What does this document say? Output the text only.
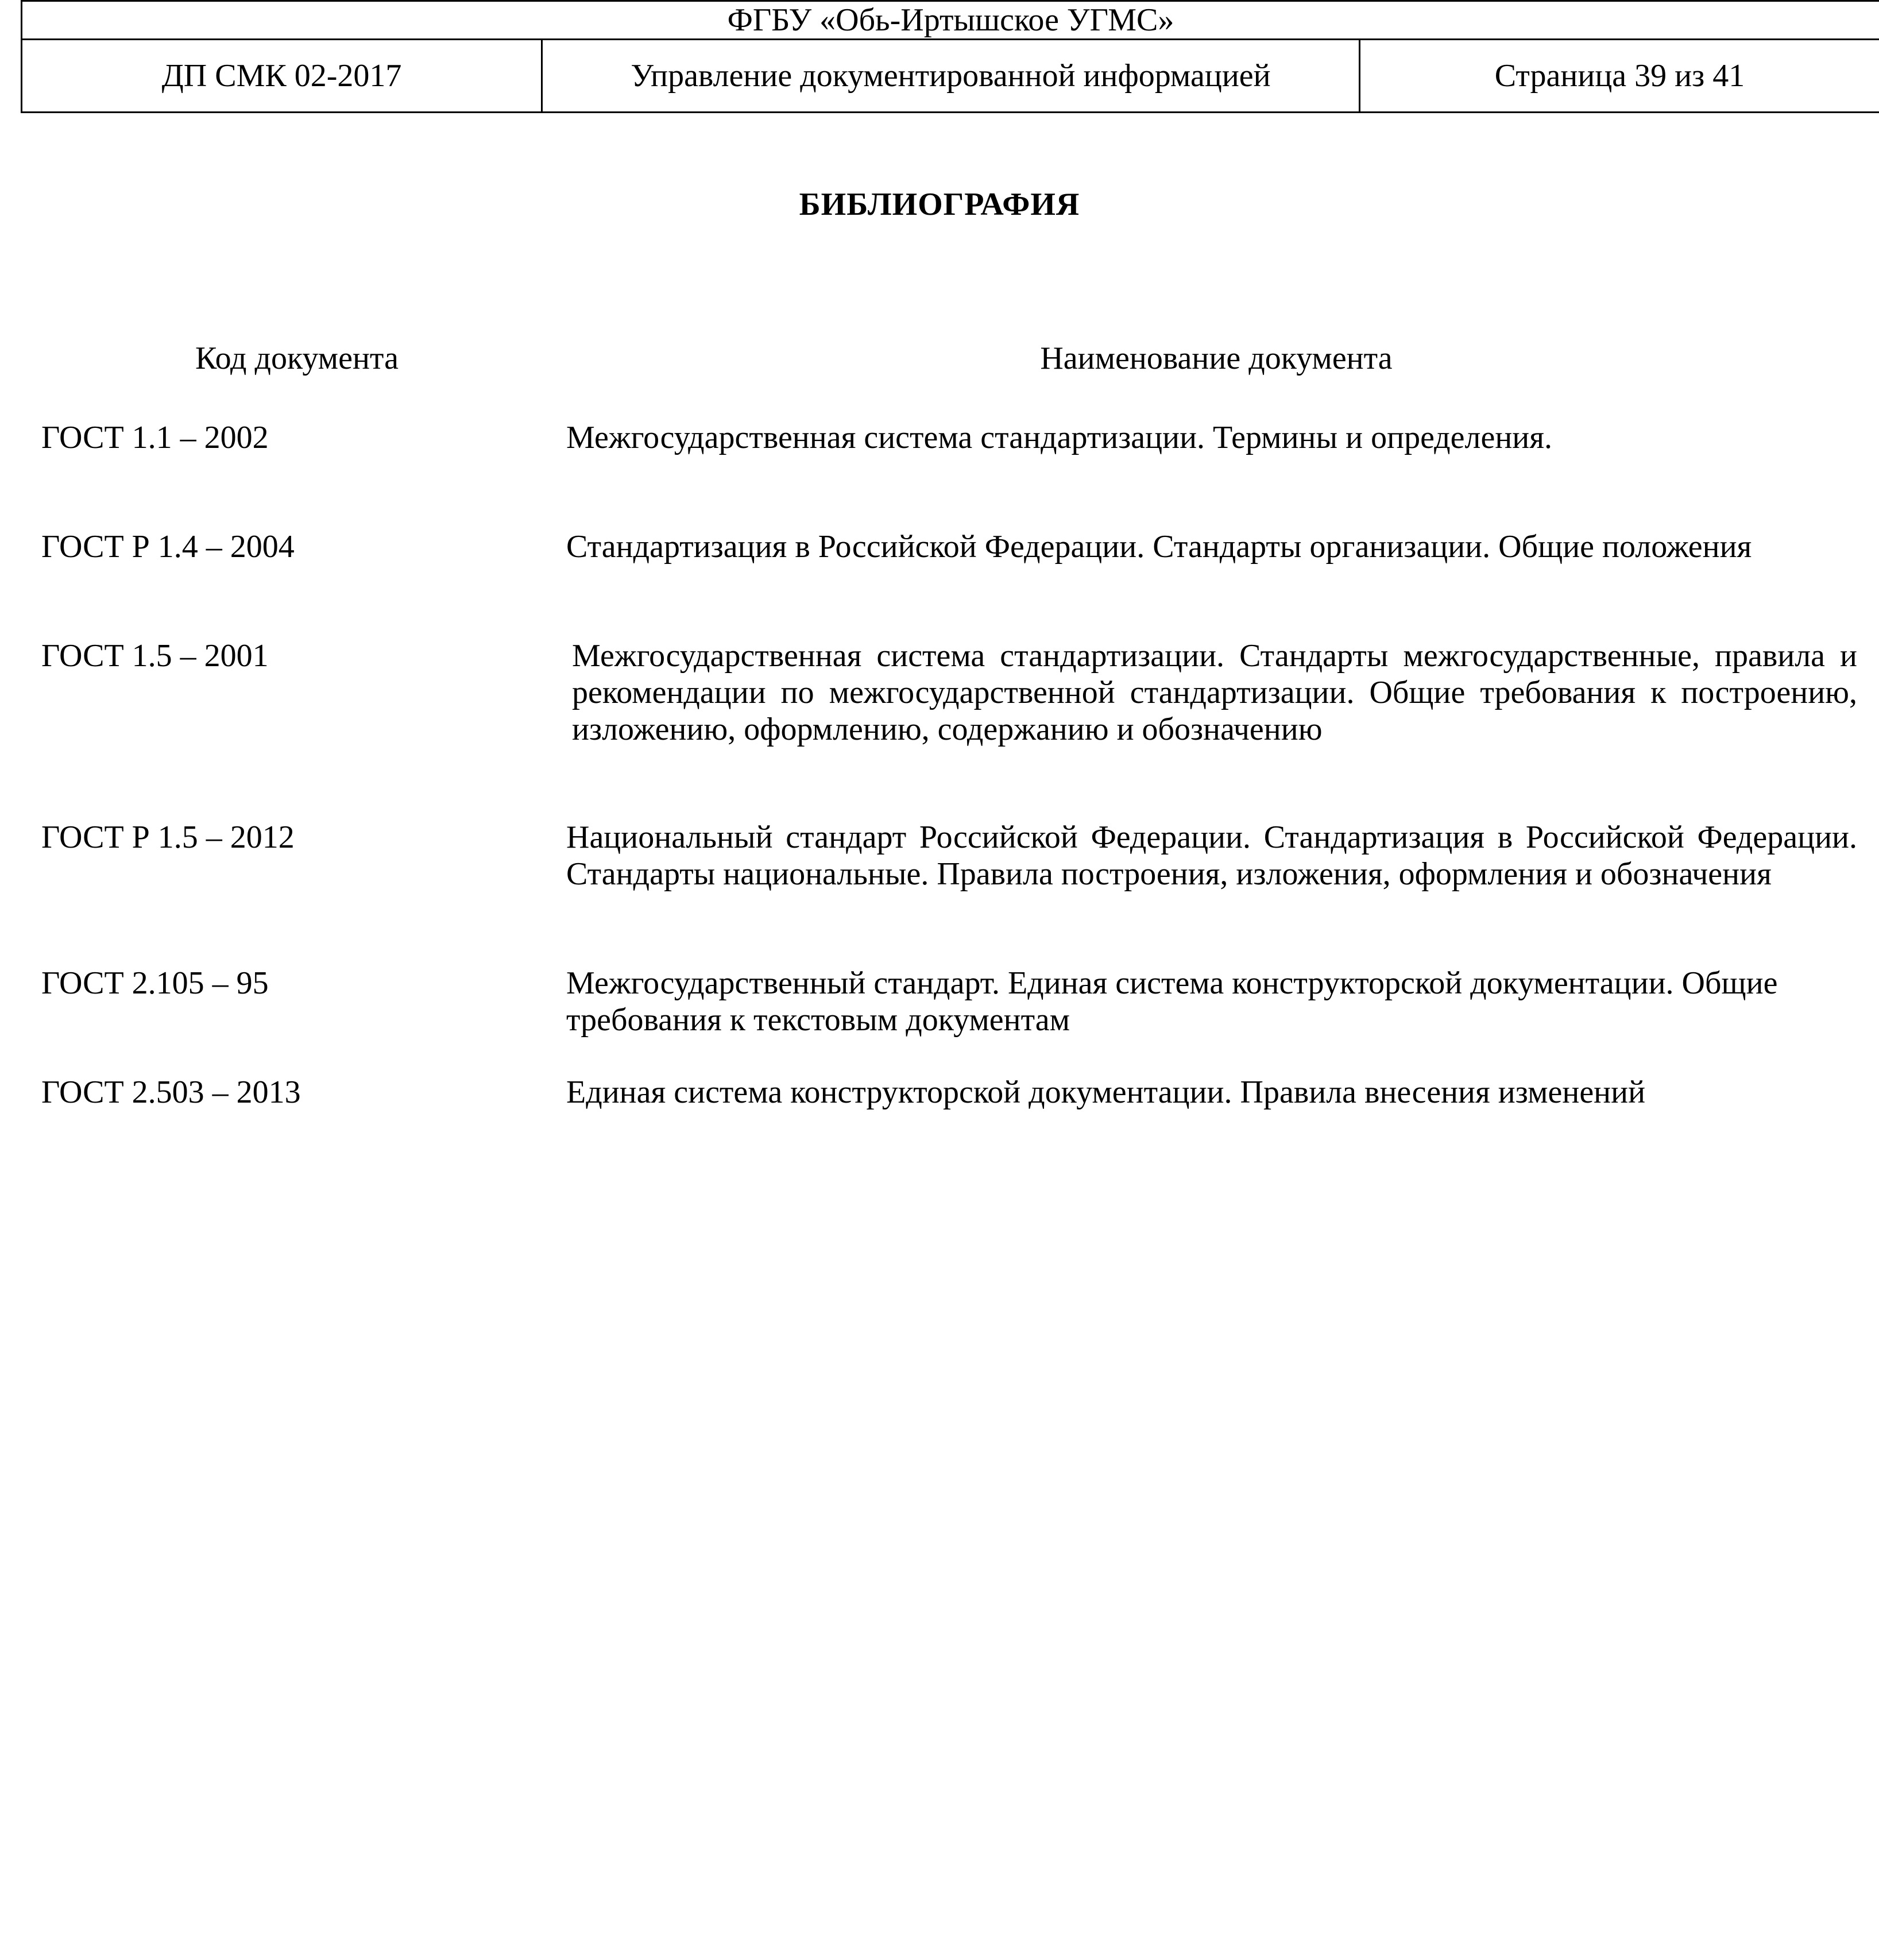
ФГБУ «Обь-Иртышское УГМС»
ДП СМК 02-2017	Управление документированной информацией	Страница 39 из 41
БИБЛИОГРАФИЯ
Код документа	Наименование документа
ГОСТ 1.1 – 2002	Межгосударственная система стандартизации. Термины и определения.
ГОСТ Р 1.4 – 2004	Стандартизация в Российской Федерации. Стандарты организации. Общие положения
ГОСТ 1.5 – 2001	Межгосударственная система стандартизации. Стандарты межгосударственные, правила и рекомендации по межгосударственной стандартизации. Общие требования к построению, изложению, оформлению, содержанию и обозначению
ГОСТ Р 1.5 – 2012	Национальный стандарт Российской Федерации. Стандартизация в Российской Федерации. Стандарты национальные. Правила построения, изложения, оформления и обозначения
ГОСТ 2.105 – 95	Межгосударственный стандарт. Единая система конструкторской документации. Общие требования к текстовым документам
ГОСТ 2.503 – 2013	Единая система конструкторской документации. Правила внесения изменений
